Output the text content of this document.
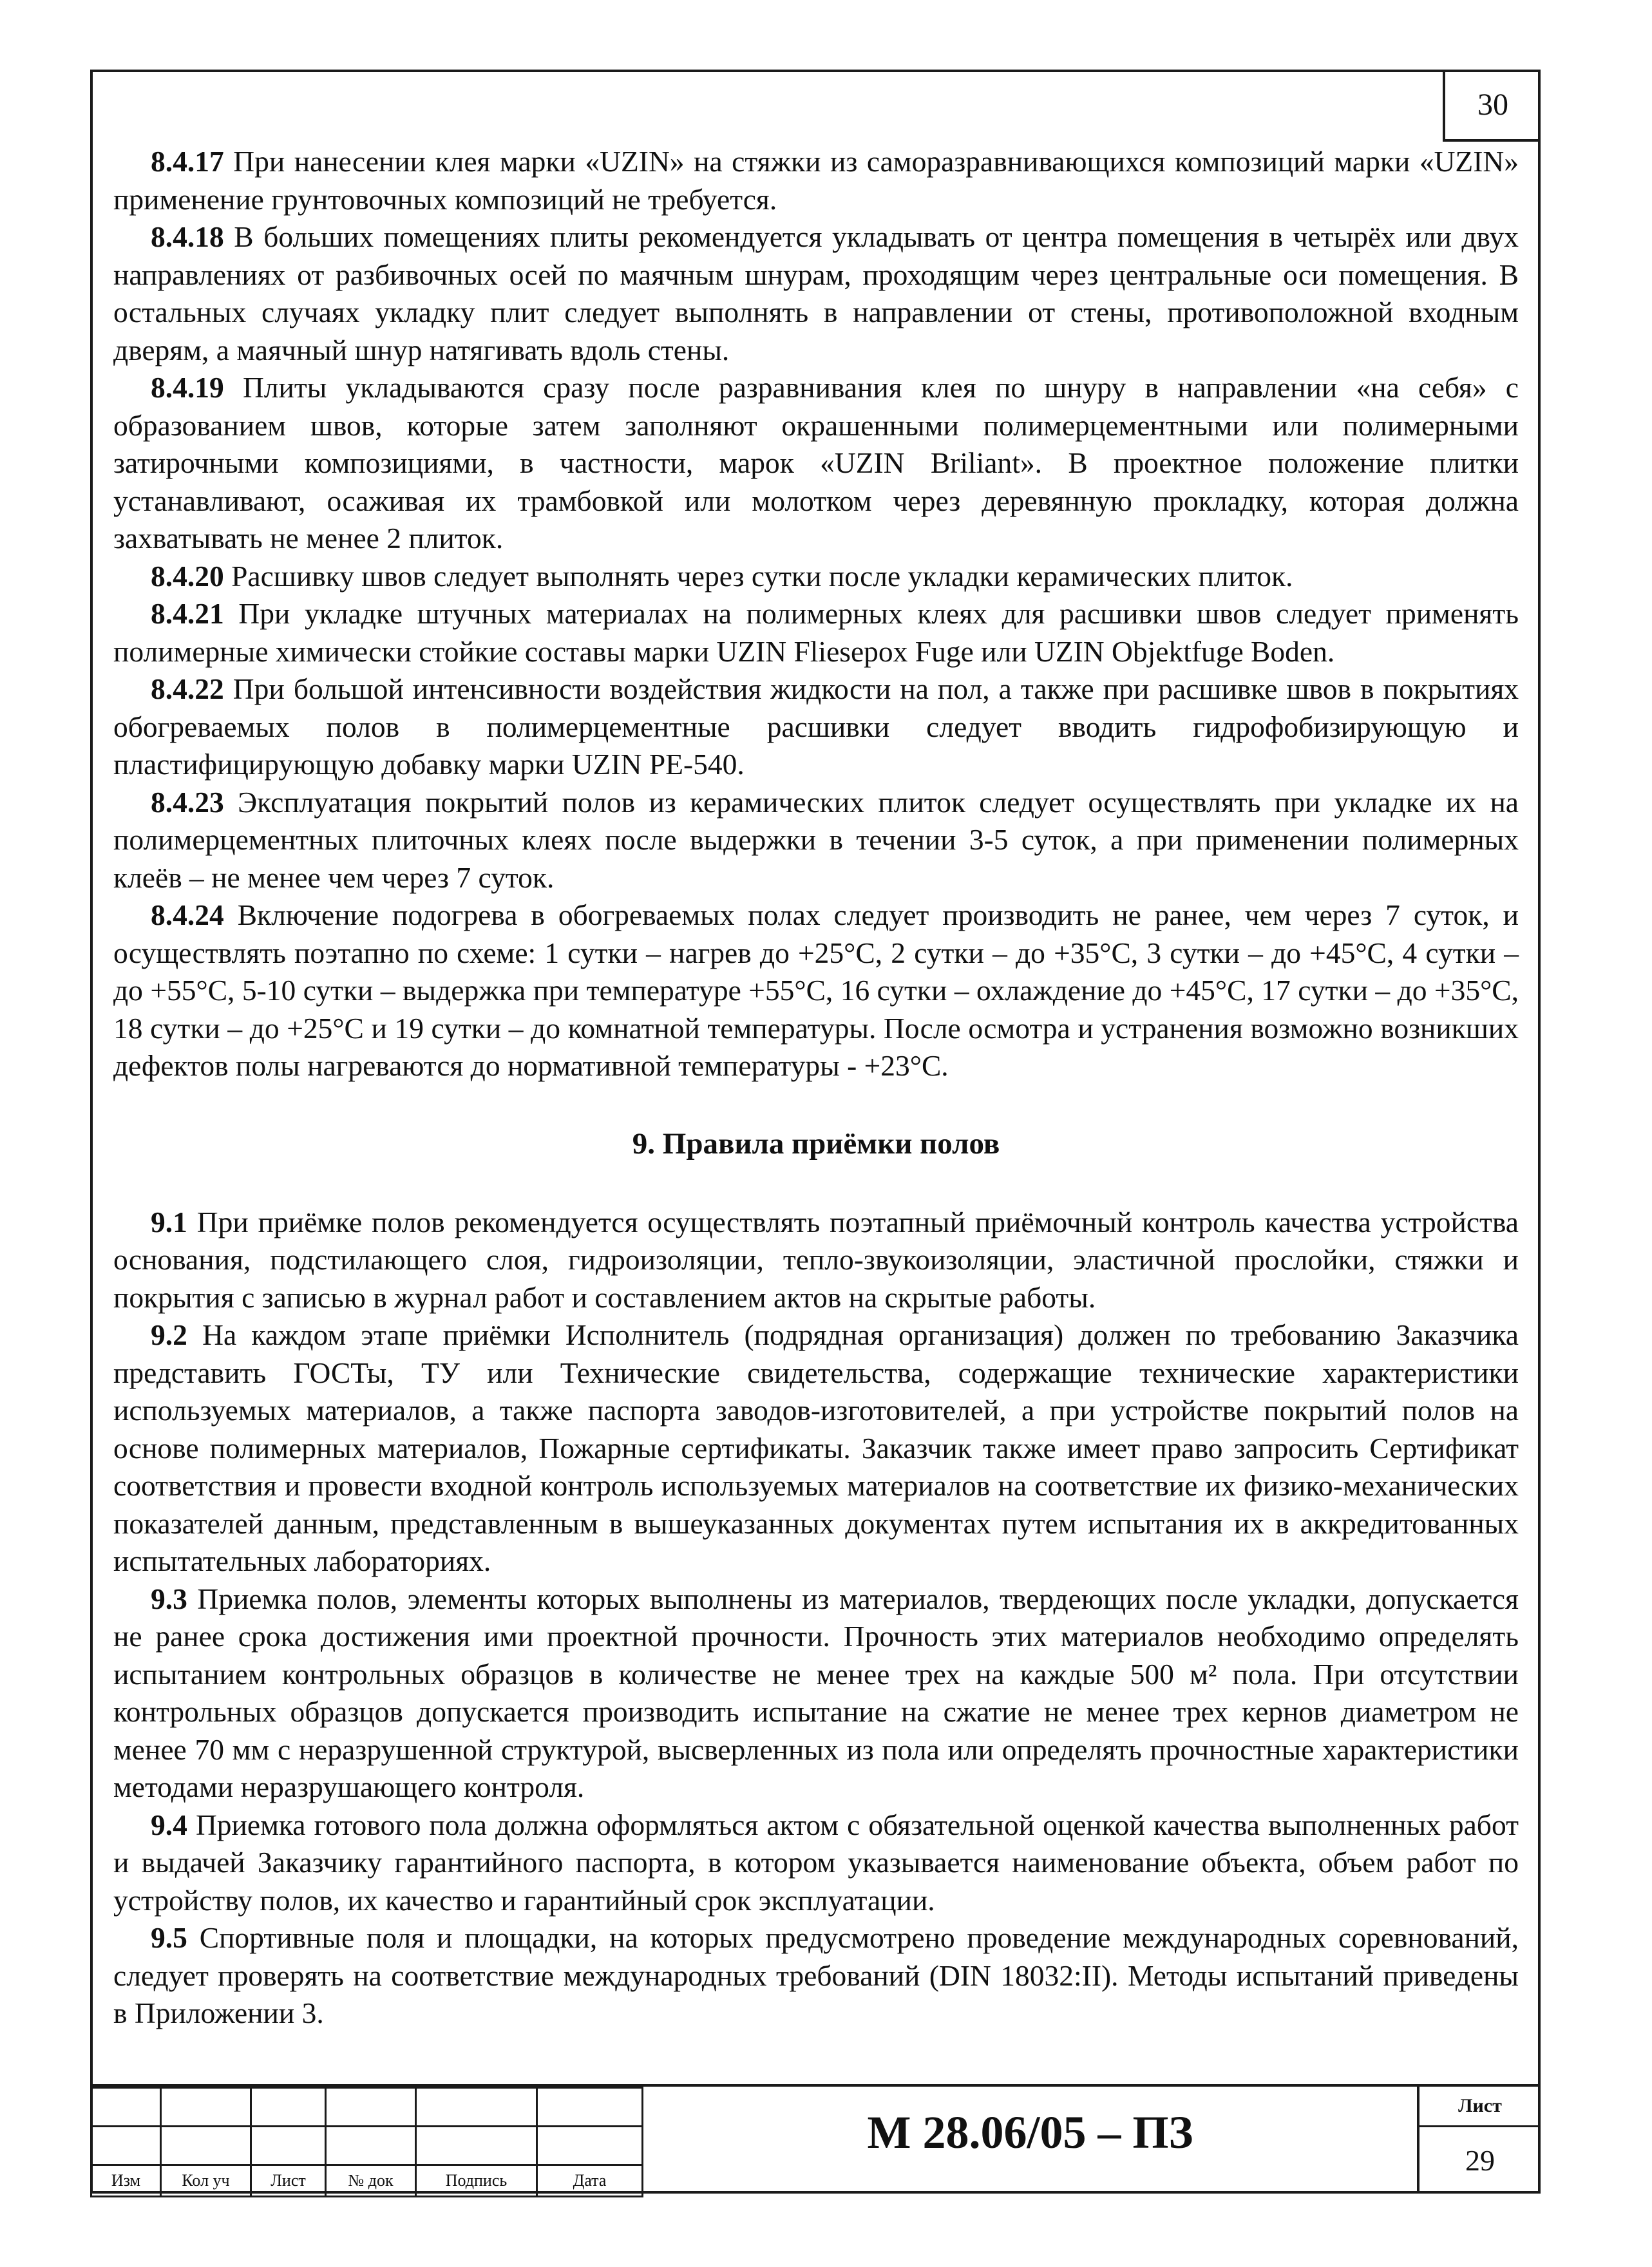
30

8.4.17 При нанесении клея марки «UZIN» на стяжки из саморазравнивающихся композиций марки «UZIN» применение грунтовочных композиций не требуется.

8.4.18 В больших помещениях плиты рекомендуется укладывать от центра помещения в четырёх или двух направлениях от разбивочных осей по маячным шнурам, проходящим через центральные оси помещения. В остальных случаях укладку плит следует выполнять в направлении от стены, противоположной входным дверям, а маячный шнур натягивать вдоль стены.

8.4.19 Плиты укладываются сразу после разравнивания клея по шнуру в направлении «на себя» с образованием швов, которые затем заполняют окрашенными полимерцементными или полимерными затирочными композициями, в частности, марок «UZIN Briliant». В проектное положение плитки устанавливают, осаживая их трамбовкой или молотком через деревянную прокладку, которая должна захватывать не менее 2 плиток.

8.4.20 Расшивку швов следует выполнять через сутки после укладки керамических плиток.

8.4.21 При укладке штучных материалах на полимерных клеях для расшивки швов следует применять полимерные химически стойкие составы марки UZIN Fliesepox Fuge или UZIN Objektfuge Boden.

8.4.22 При большой интенсивности воздействия жидкости на пол, а также при расшивке швов в покрытиях обогреваемых полов в полимерцементные расшивки следует вводить гидрофобизирующую и пластифицирующую добавку марки UZIN PE-540.

8.4.23 Эксплуатация покрытий полов из керамических плиток следует осуществлять при укладке их на полимерцементных плиточных клеях после выдержки в течении 3-5 суток, а при применении полимерных клеёв – не менее чем через 7 суток.

8.4.24 Включение подогрева в обогреваемых полах следует производить не ранее, чем через 7 суток, и осуществлять поэтапно по схеме: 1 сутки – нагрев до +25°С, 2 сутки – до +35°С, 3 сутки – до +45°С, 4 сутки – до +55°С, 5-10 сутки – выдержка при температуре +55°С, 16 сутки – охлаждение до +45°С, 17 сутки – до +35°С, 18 сутки – до +25°С и 19 сутки – до комнатной температуры. После осмотра и устранения возможно возникших дефектов полы нагреваются до нормативной температуры - +23°С.

9. Правила приёмки полов

9.1 При приёмке полов рекомендуется осуществлять поэтапный приёмочный контроль качества устройства основания, подстилающего слоя, гидроизоляции, тепло-звукоизоляции, эластичной прослойки, стяжки и покрытия с записью в журнал работ и составлением актов на скрытые работы.

9.2 На каждом этапе приёмки Исполнитель (подрядная организация) должен по требованию Заказчика представить ГОСТы, ТУ или Технические свидетельства, содержащие технические характеристики используемых материалов, а также паспорта заводов-изготовителей, а при устройстве покрытий полов на основе полимерных материалов, Пожарные сертификаты. Заказчик также имеет право запросить Сертификат соответствия и провести входной контроль используемых материалов на соответствие их физико-механических показателей данным, представленным в вышеуказанных документах путем испытания их в аккредитованных испытательных лабораториях.

9.3 Приемка полов, элементы которых выполнены из материалов, твердеющих после укладки, допускается не ранее срока достижения ими проектной прочности. Прочность этих материалов необходимо определять испытанием контрольных образцов в количестве не менее трех на каждые 500 м² пола. При отсутствии контрольных образцов допускается производить испытание на сжатие не менее трех кернов диаметром не менее 70 мм с неразрушенной структурой, высверленных из пола или определять прочностные характеристики методами неразрушающего контроля.

9.4 Приемка готового пола должна оформляться актом с обязательной оценкой качества выполненных работ и выдачей Заказчику гарантийного паспорта, в котором указывается наименование объекта, объем работ по устройству полов, их качество и гарантийный срок эксплуатации.

9.5 Спортивные поля и площадки, на которых предусмотрено проведение международных соревнований, следует проверять на соответствие международных требований (DIN 18032:II). Методы испытаний приведены в Приложении 3.

Изм	Кол уч	Лист	№ док	Подпись	Дата
М 28.06/05 – ПЗ
Лист
29
